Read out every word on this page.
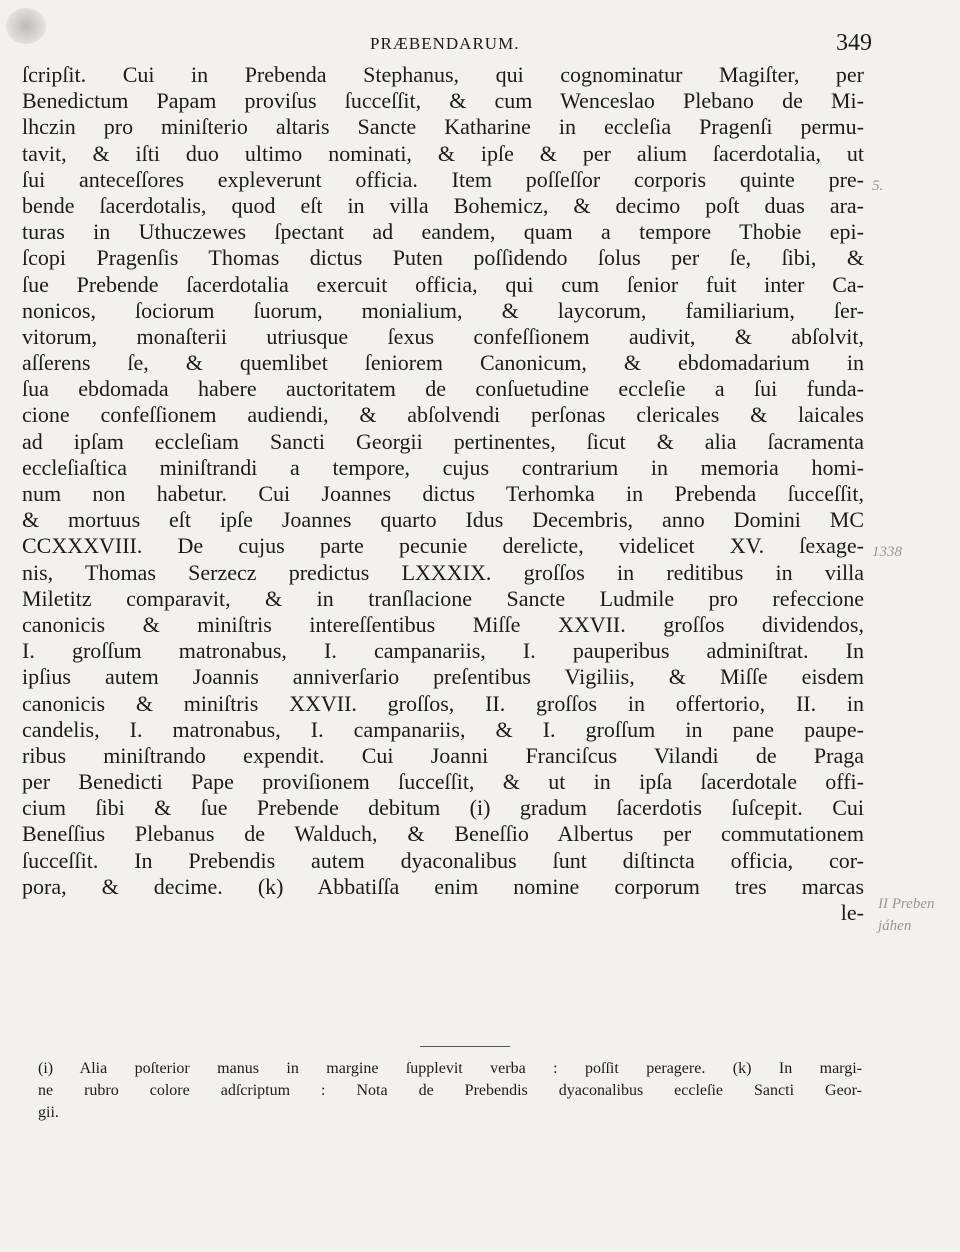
PRÆBENDARUM.	349
ſcripſit. Cui in Prebenda Stephanus, qui cognominatur Magiſter, per
Benedictum Papam proviſus ſucceſſit, & cum Wenceslao Plebano de Mi-
lhczin pro miniſterio altaris Sancte Katharine in eccleſia Pragenſi permu-
tavit, & iſti duo ultimo nominati, & ipſe & per alium ſacerdotalia, ut
ſui anteceſſores expleverunt officia. Item poſſeſſor corporis quinte pre-
bende ſacerdotalis, quod eſt in villa Bohemicz, & decimo poſt duas ara-
turas in Uthuczewes ſpectant ad eandem, quam a tempore Thobie epi-
ſcopi Pragenſis Thomas dictus Puten poſſidendo ſolus per ſe, ſibi, &
ſue Prebende ſacerdotalia exercuit officia, qui cum ſenior fuit inter Ca-
nonicos, ſociorum ſuorum, monialium, & laycorum, familiarium, ſer-
vitorum, monaſterii utriusque ſexus confeſſionem audivit, & abſolvit,
aſſerens ſe, & quemlibet ſeniorem Canonicum, & ebdomadarium in
ſua ebdomada habere auctoritatem de conſuetudine eccleſie a ſui funda-
cione confeſſionem audiendi, & abſolvendi perſonas clericales & laicales
ad ipſam eccleſiam Sancti Georgii pertinentes, ſicut & alia ſacramenta
eccleſiaſtica miniſtrandi a tempore, cujus contrarium in memoria homi-
num non habetur. Cui Joannes dictus Terhomka in Prebenda ſucceſſit,
& mortuus eſt ipſe Joannes quarto Idus Decembris, anno Domini MC
CCXXXVIII. De cujus parte pecunie derelicte, videlicet XV. ſexage-
nis, Thomas Serzecz predictus LXXXIX. groſſos in reditibus in villa
Miletitz comparavit, & in tranſlacione Sancte Ludmile pro refeccione
canonicis & miniſtris intereſſentibus Miſſe XXVII. groſſos dividendos,
I. groſſum matronabus, I. campanariis, I. pauperibus adminiſtrat. In
ipſius autem Joannis anniverſario preſentibus Vigiliis, & Miſſe eisdem
canonicis & miniſtris XXVII. groſſos, II. groſſos in offertorio, II. in
candelis, I. matronabus, I. campanariis, & I. groſſum in pane paupe-
ribus miniſtrando expendit. Cui Joanni Franciſcus Vilandi de Praga
per Benedicti Pape proviſionem ſucceſſit, & ut in ipſa ſacerdotale offi-
cium ſibi & ſue Prebende debitum (i) gradum ſacerdotis ſuſcepit. Cui
Beneſſius Plebanus de Walduch, & Beneſſio Albertus per commutationem
ſucceſſit. In Prebendis autem dyaconalibus ſunt diſtincta officia, cor-
pora, & decime. (k) Abbatiſſa enim nomine corporum tres marcas
le-
5.
1338
II Preben
jáhen
(i) Alia poſterior manus in margine ſupplevit verba : poſſit peragere. (k) In margi-
ne rubro colore adſcriptum : Nota de Prebendis dyaconalibus eccleſie Sancti Geor-
gii.
